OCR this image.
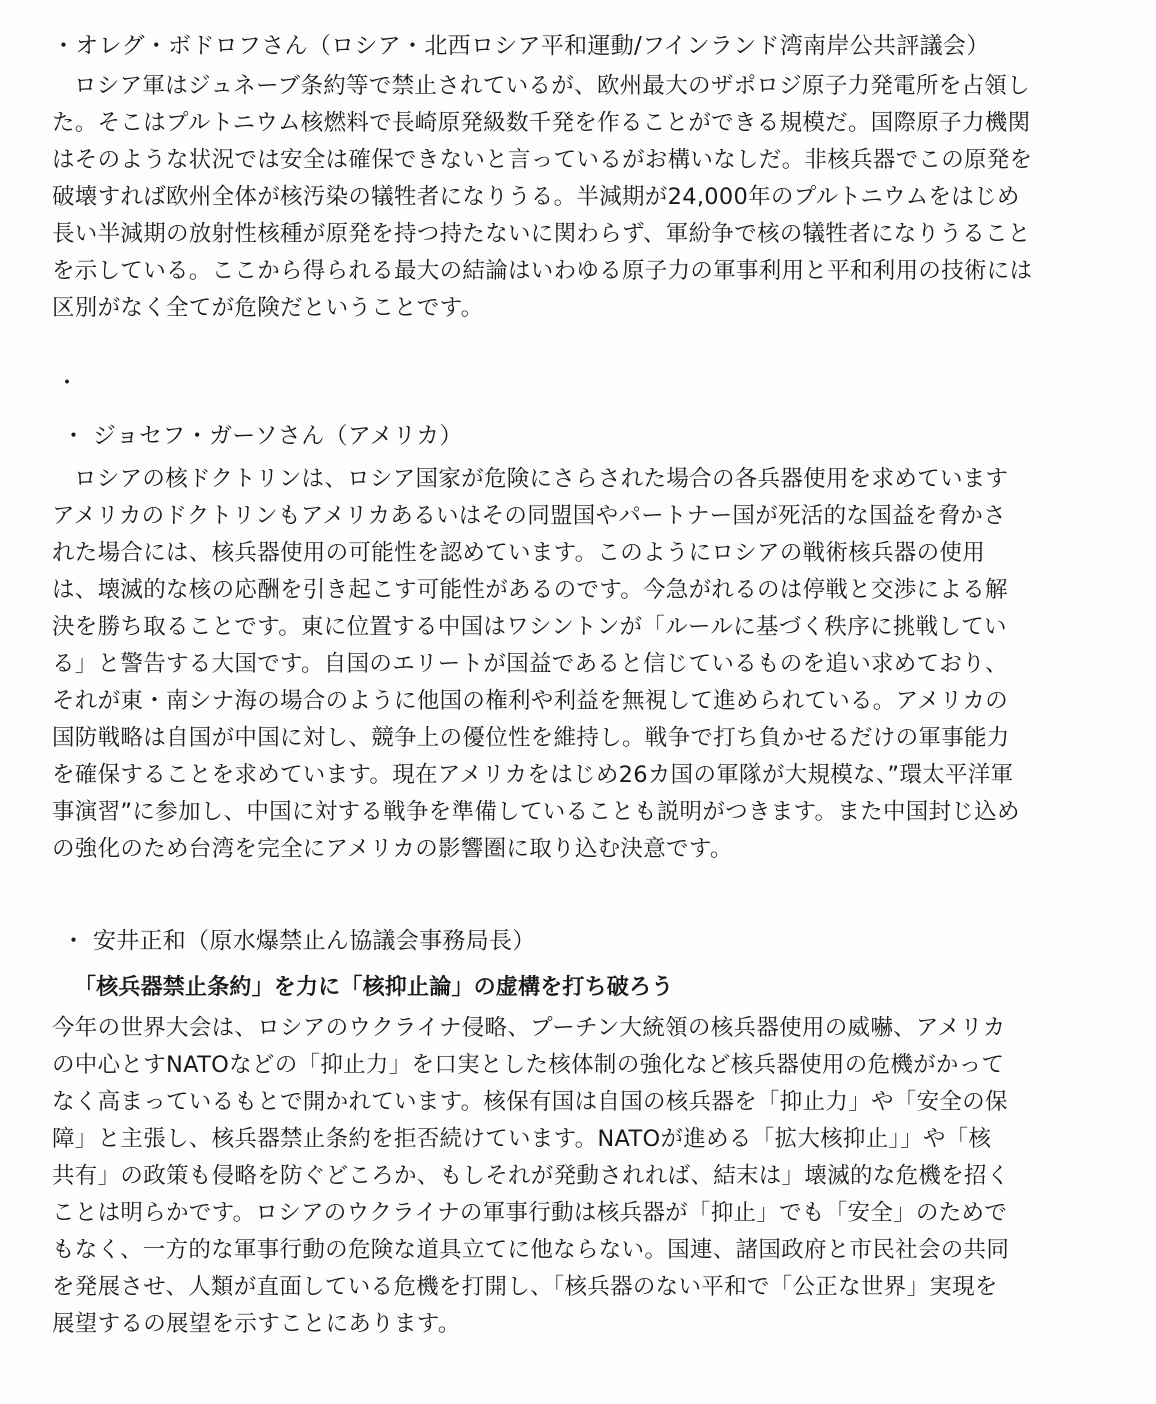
・オレグ・ボドロフさん（ロシア・北西ロシア平和運動/フインランド湾南岸公共評議会）

ロシア軍はジュネーブ条約等で禁止されているが、欧州最大のザポロジ原子力発電所を占領し

た。そこはプルトニウム核燃料で長崎原発級数千発を作ることができる規模だ。国際原子力機関

はそのような状況では安全は確保できないと言っているがお構いなしだ。非核兵器でこの原発を

破壊すれば欧州全体が核汚染の犠牲者になりうる。半減期が24,000年のプルトニウムをはじめ

長い半減期の放射性核種が原発を持つ持たないに関わらず、軍紛争で核の犠牲者になりうること

を示している。ここから得られる最大の結論はいわゆる原子力の軍事利用と平和利用の技術には

区別がなく全てが危険だということです。

・

・ ジョセフ・ガーソさん（アメリカ）

ロシアの核ドクトリンは、ロシア国家が危険にさらされた場合の各兵器使用を求めています

アメリカのドクトリンもアメリカあるいはその同盟国やパートナー国が死活的な国益を脅かさ

れた場合には、核兵器使用の可能性を認めています。このようにロシアの戦術核兵器の使用

は、壊滅的な核の応酬を引き起こす可能性があるのです。今急がれるのは停戦と交渉による解

決を勝ち取ることです。東に位置する中国はワシントンが「ルールに基づく秩序に挑戦してい

る」と警告する大国です。自国のエリートが国益であると信じているものを追い求めており、

それが東・南シナ海の場合のように他国の権利や利益を無視して進められている。アメリカの

国防戦略は自国が中国に対し、競争上の優位性を維持し。戦争で打ち負かせるだけの軍事能力

を確保することを求めています。現在アメリカをはじめ26カ国の軍隊が大規模な、”環太平洋軍

事演習”に参加し、中国に対する戦争を準備していることも説明がつきます。また中国封じ込め

の強化のため台湾を完全にアメリカの影響圏に取り込む決意です。

・ 安井正和（原水爆禁止ん協議会事務局長）

「核兵器禁止条約」を力に「核抑止論」の虚構を打ち破ろう

今年の世界大会は、ロシアのウクライナ侵略、プーチン大統領の核兵器使用の威嚇、アメリカ

の中心とすNATOなどの「抑止力」を口実とした核体制の強化など核兵器使用の危機がかって

なく高まっているもとで開かれています。核保有国は自国の核兵器を「抑止力」や「安全の保

障」と主張し、核兵器禁止条約を拒否続けています。NATOが進める「拡大核抑止」」や「核

共有」の政策も侵略を防ぐどころか、もしそれが発動されれば、結末は」壊滅的な危機を招く

ことは明らかです。ロシアのウクライナの軍事行動は核兵器が「抑止」でも「安全」のためで

もなく、一方的な軍事行動の危険な道具立てに他ならない。国連、諸国政府と市民社会の共同

を発展させ、人類が直面している危機を打開し、「核兵器のない平和で「公正な世界」実現を

展望するの展望を示すことにあります。
